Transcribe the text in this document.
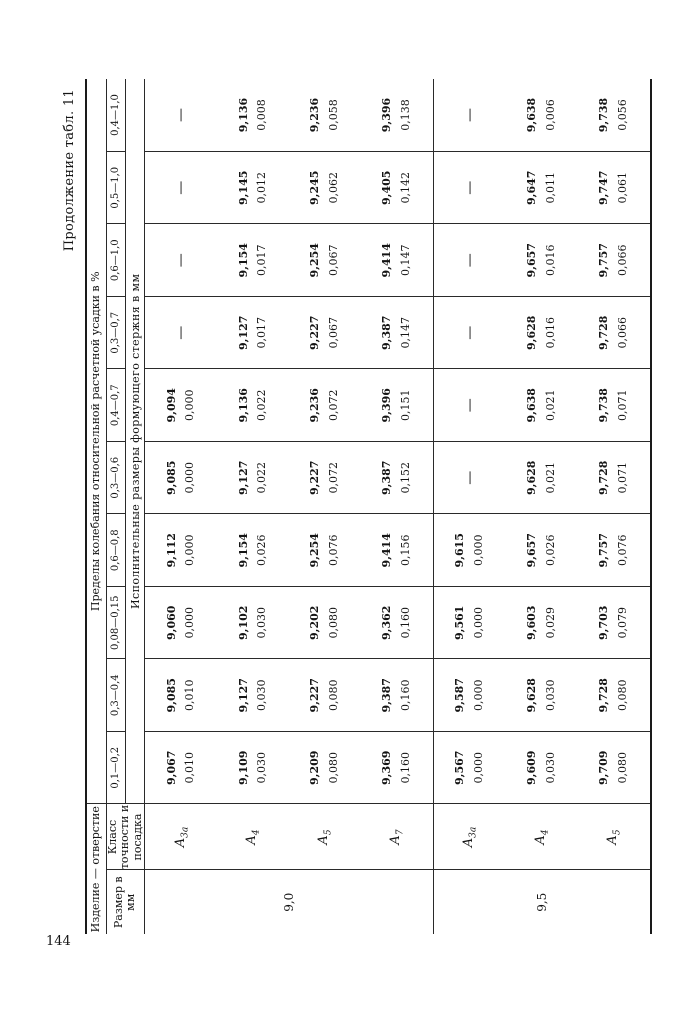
144
Продолжение табл. 11
Изделие — отверстие		Пределы колебания относительной расчетной усадки в %									
Размер в мм	Класс точности и посадка	0,1—0,2	0,3—0,4	0,08—0,15	0,6—0,8	0,3—0,6	0,4—0,7	0,3—0,7	0,6—1,0	0,5—1,0	0,4—1,0
		Исполнительные размеры формующего стержня в мм									
9,0	$A_{3a}$	9,067 0,010	9,085 0,010	9,060 0,000	9,112 0,000	9,085 0,000	9,094 0,000	—	—	—	—
	$A_4$	9,109 0,030	9,127 0,030	9,102 0,030	9,154 0,026	9,127 0,022	9,136 0,022	9,127 0,017	9,154 0,017	9,145 0,012	9,136 0,008

	$A_5$	9,209 0,080	9,227 0,080	9,202 0,080	9,254 0,076	9,227 0,072	9,236 0,072	9,227 0,067	9,254 0,067	9,245 0,062	9,236 0,058

	$A_7$	9,369 0,160	9,387 0,160	9,362 0,160	9,414 0,156	9,387 0,152	9,396 0,151	9,387 0,147	9,414 0,147	9,405 0,142	9,396 0,138

9,5	$A_{3a}$	9,567 0,000	9,587 0,000	9,561 0,000	9,615 0,000	—	—	—	—	—	—
	$A_4$	9,609 0,030	9,628 0,030	9,603 0,029	9,657 0,026	9,628 0,021	9,638 0,021	9,628 0,016	9,657 0,016	9,647 0,011	9,638 0,006

	$A_5$	9,709 0,080	9,728 0,080	9,703 0,079	9,757 0,076	9,728 0,071	9,738 0,071	9,728 0,066	9,757 0,066	9,747 0,061	9,738 0,056
